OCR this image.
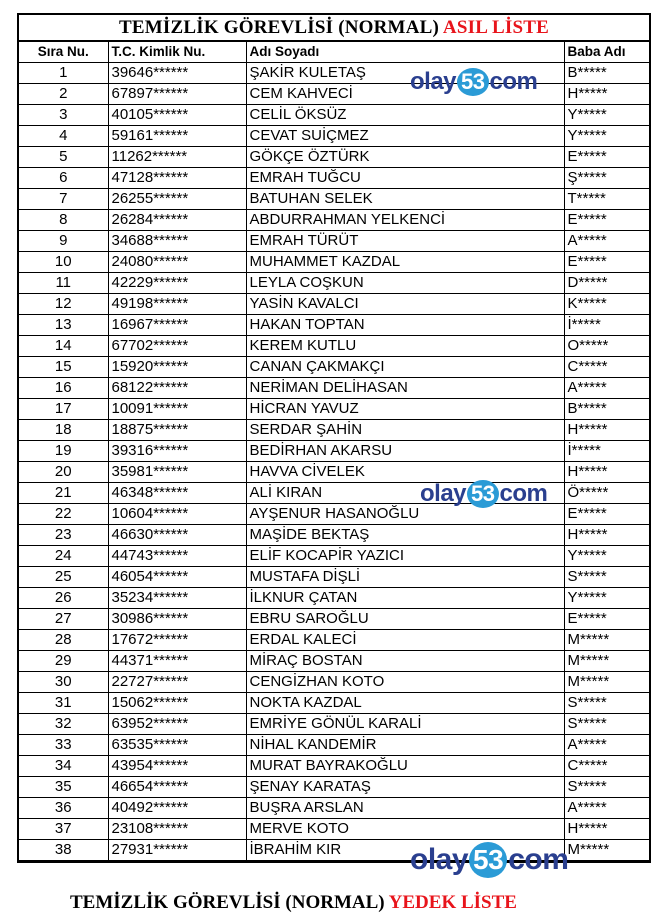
TEMİZLİK GÖREVLİSİ (NORMAL) ASIL LİSTE
Sıra Nu.	T.C. Kimlik Nu.	Adı Soyadı	Baba Adı
1	39646******	ŞAKİR KULETAŞ	B*****
2	67897******	CEM KAHVECİ	H*****
3	40105******	CELİL ÖKSÜZ	Y*****
4	59161******	CEVAT SUİÇMEZ	Y*****
5	11262******	GÖKÇE ÖZTÜRK	E*****
6	47128******	EMRAH TUĞCU	Ş*****
7	26255******	BATUHAN SELEK	T*****
8	26284******	ABDURRAHMAN YELKENCİ	E*****
9	34688******	EMRAH TÜRÜT	A*****
10	24080******	MUHAMMET KAZDAL	E*****
11	42229******	LEYLA COŞKUN	D*****
12	49198******	YASİN KAVALCI	K*****
13	16967******	HAKAN TOPTAN	İ*****
14	67702******	KEREM KUTLU	O*****
15	15920******	CANAN ÇAKMAKÇI	C*****
16	68122******	NERİMAN DELİHASAN	A*****
17	10091******	HİCRAN YAVUZ	B*****
18	18875******	SERDAR ŞAHİN	H*****
19	39316******	BEDİRHAN AKARSU	İ*****
20	35981******	HAVVA CİVELEK	H*****
21	46348******	ALİ KIRAN	Ö*****
22	10604******	AYŞENUR HASANOĞLU	E*****
23	46630******	MAŞİDE BEKTAŞ	H*****
24	44743******	ELİF KOCAPİR YAZICI	Y*****
25	46054******	MUSTAFA DİŞLİ	S*****
26	35234******	İLKNUR ÇATAN	Y*****
27	30986******	EBRU SAROĞLU	E*****
28	17672******	ERDAL KALECİ	M*****
29	44371******	MİRAÇ BOSTAN	M*****
30	22727******	CENGİZHAN KOTO	M*****
31	15062******	NOKTA KAZDAL	S*****
32	63952******	EMRİYE GÖNÜL KARALİ	S*****
33	63535******	NİHAL KANDEMİR	A*****
34	43954******	MURAT BAYRAKOĞLU	C*****
35	46654******	ŞENAY KARATAŞ	S*****
36	40492******	BUŞRA ARSLAN	A*****
37	23108******	MERVE KOTO	H*****
38	27931******	İBRAHİM KIR	M*****
olay 53 com
olay 53 com
olay 53 com
TEMİZLİK GÖREVLİSİ (NORMAL) YEDEK LİSTE
